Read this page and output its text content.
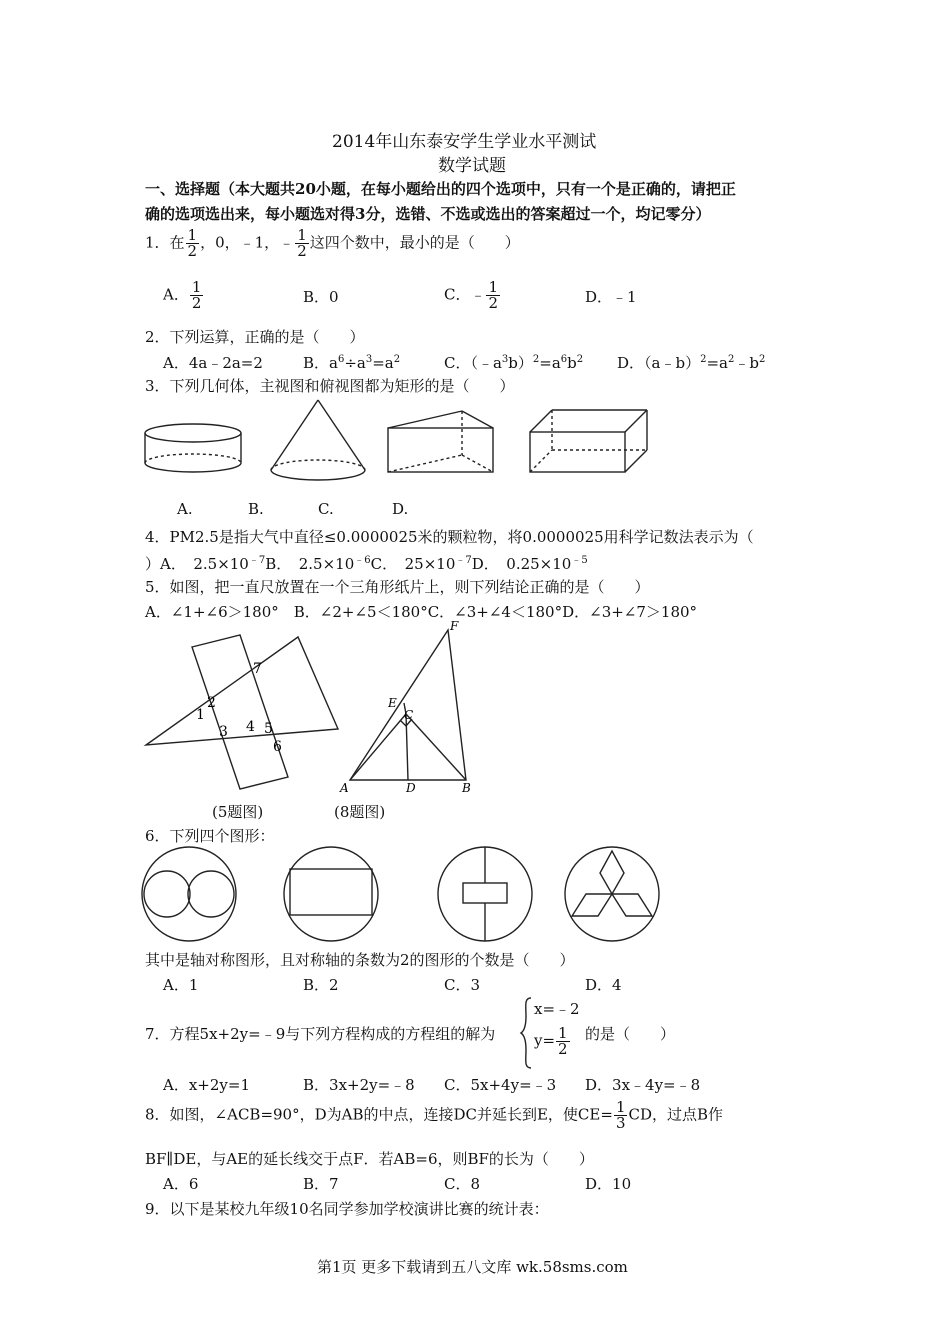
2014年山东泰安学生学业水平测试
数学试题
一、选择题（本大题共20小题，在每小题给出的四个选项中，只有一个是正确的，请把正
确的选项选出来，每小题选对得3分，选错、不选或选出的答案超过一个，均记零分）
1．在 $\frac{1}{2}$ ，0，﹣1，﹣ $\frac{1}{2}$ 这四个数中，最小的是（　　）
A． $\frac{1}{2}$	B．0	C．﹣ $\frac{1}{2}$	D．﹣1
2．下列运算，正确的是（　　）
A．4a﹣2a=2	B．$a^6\div a^3=a^2$	C．$(﹣a^3b)^2=a^6b^2$ D．$(a﹣b)^2=a^2﹣b^2$
3．下列几何体，主视图和俯视图都为矩形的是（　　）
A.	B.	C.	D.
4．PM2.5是指大气中直径≤0.0000025米的颗粒物，将0.0000025用科学记数法表示为（
）A．　$2.5\times 10^{﹣7}B$．　$2.5\times 10^{﹣6}C$．　$25\times 10^{﹣7}D$．　$0.25\times 10^{﹣5}$
5．如图，把一直尺放置在一个三角形纸片上，则下列结论正确的是（　　）
A．∠1+∠6＞180°　B．∠2+∠5＜180°C．∠3+∠4＜180°D．∠3+∠7＞180°
7
2
1
3 4 5
6
F
E
C
A	D	B
(5题图)	(8题图)
6．下列四个图形：
其中是轴对称图形，且对称轴的条数为2的图形的个数是（　　）
A．1	B．2	C．3	D．4
7．方程5x+2y=﹣9与下列方程构成的方程组的解为
x=﹣2
$y= \frac{1}{2}$ 的是（　　）
A．x+2y=1	B．3x+2y=﹣8 C．5x+4y=﹣3 D．3x﹣4y=﹣8
8．如图，∠ACB=90°，D为AB的中点，连接DC并延长到E，使$CE= \frac{1}{3}$ CD，过点B作
BF∥DE，与AE的延长线交于点F．若AB=6，则BF的长为（　　）
A．6	B．7	C．8	D．10
9．以下是某校九年级10名同学参加学校演讲比赛的统计表：
第1页 更多下载请到五八文库 wk.58sms.com
